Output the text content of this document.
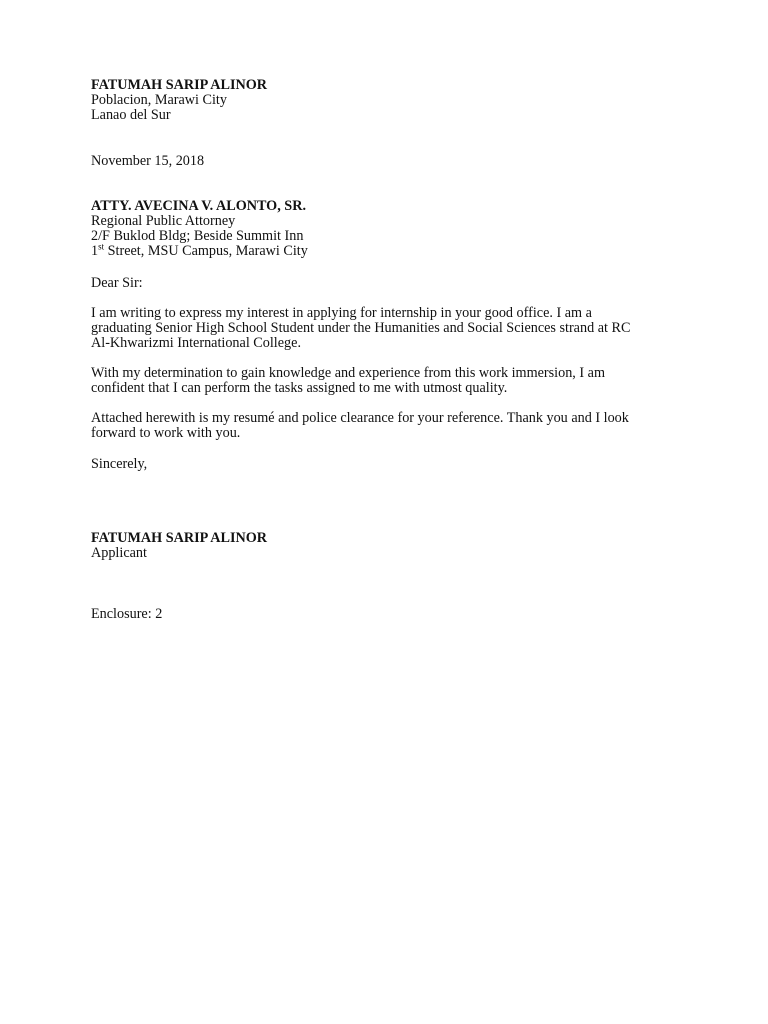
FATUMAH SARIP ALINOR
Poblacion, Marawi City
Lanao del Sur
November 15, 2018
ATTY. AVECINA V. ALONTO, SR.
Regional Public Attorney
2/F Buklod Bldg; Beside Summit Inn
1st Street, MSU Campus, Marawi City
Dear Sir:
I am writing to express my interest in applying for internship in your good office. I am a
graduating Senior High School Student under the Humanities and Social Sciences strand at RC
Al-Khwarizmi International College.
With my determination to gain knowledge and experience from this work immersion, I am
confident that I can perform the tasks assigned to me with utmost quality.
Attached herewith is my resumé and police clearance for your reference. Thank you and I look
forward to work with you.
Sincerely,
FATUMAH SARIP ALINOR
Applicant
Enclosure: 2
